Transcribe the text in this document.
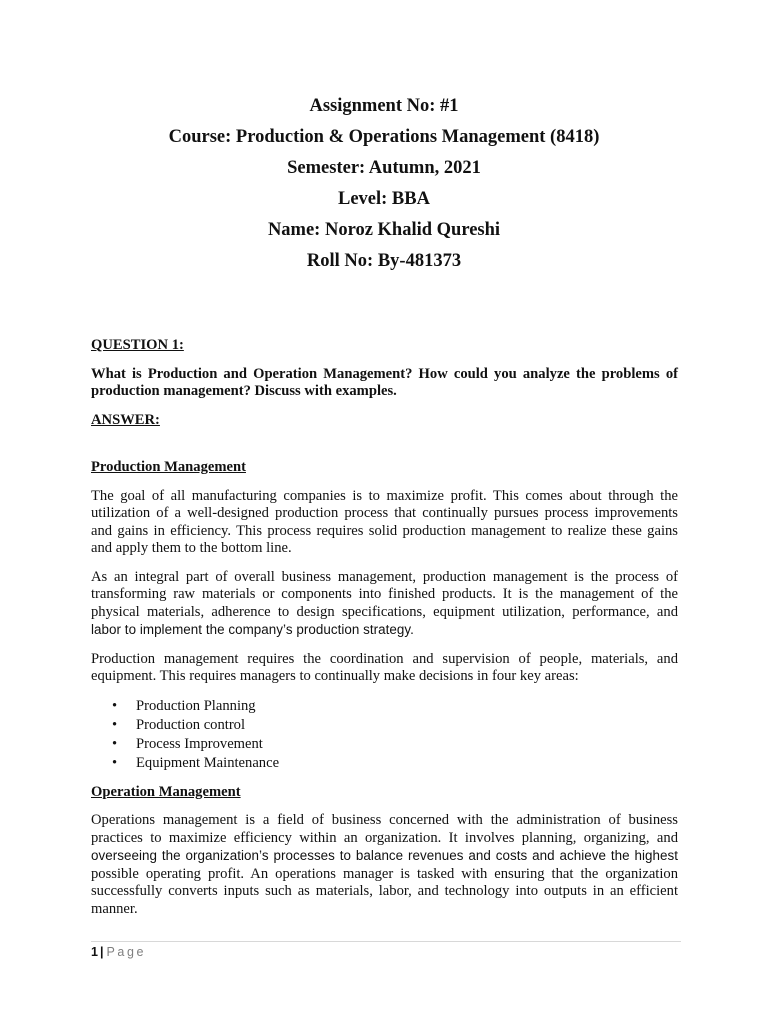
Assignment No: #1

Course: Production & Operations Management (8418)

Semester: Autumn, 2021

Level: BBA

Name: Noroz Khalid Qureshi

Roll No: By-481373

QUESTION 1:

What is Production and Operation Management? How could you analyze the problems of production management? Discuss with examples.

ANSWER:

Production Management

The goal of all manufacturing companies is to maximize profit. This comes about through the utilization of a well-designed production process that continually pursues process improvements and gains in efficiency. This process requires solid production management to realize these gains and apply them to the bottom line.

As an integral part of overall business management, production management is the process of transforming raw materials or components into finished products. It is the management of the physical materials, adherence to design specifications, equipment utilization, performance, and labor to implement the company’s production strategy.

Production management requires the coordination and supervision of people, materials, and equipment. This requires managers to continually make decisions in four key areas:

• Production Planning
• Production control
• Process Improvement
• Equipment Maintenance

Operation Management

Operations management is a field of business concerned with the administration of business practices to maximize efficiency within an organization. It involves planning, organizing, and overseeing the organization’s processes to balance revenues and costs and achieve the highest possible operating profit. An operations manager is tasked with ensuring that the organization successfully converts inputs such as materials, labor, and technology into outputs in an efficient manner.

1 | Page
